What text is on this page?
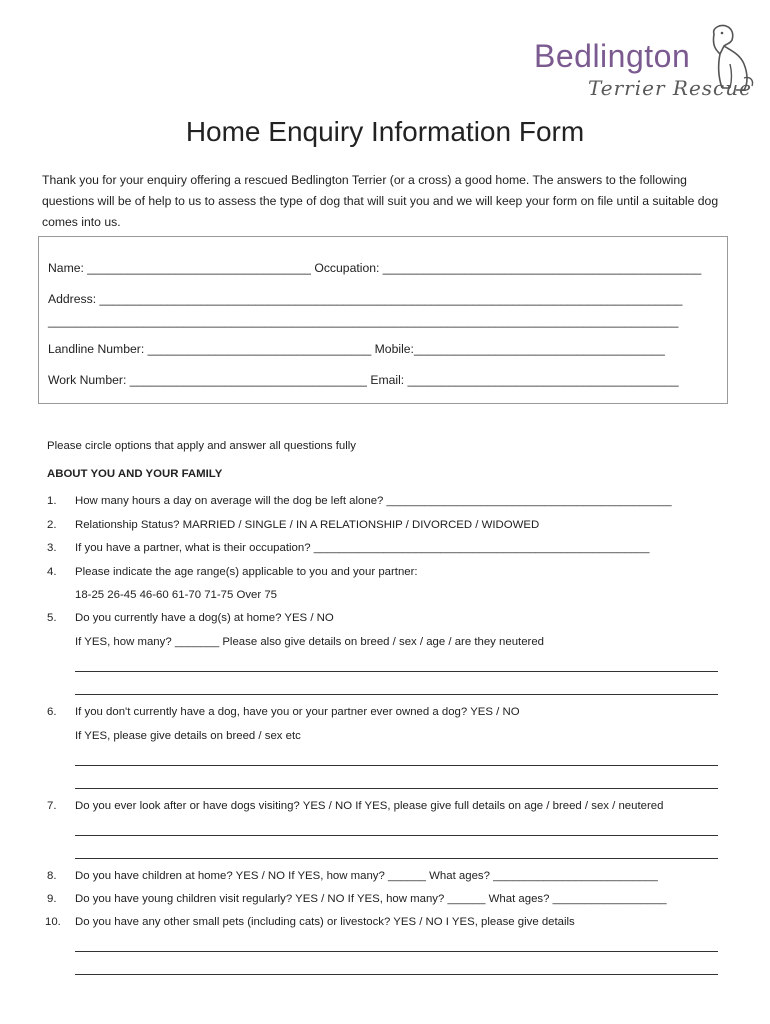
Bedlington
Terrier Rescue
Home Enquiry Information Form
Thank you for your enquiry offering a rescued Bedlington Terrier (or a cross) a good home. The answers to the following questions will be of help to us to assess the type of dog that will suit you and we will keep your form on file until a suitable dog comes into us.
Name: _________________________________ Occupation: _______________________________________________
Address: ______________________________________________________________________________________
_____________________________________________________________________________________________
Landline Number: _________________________________ Mobile:_____________________________________
Work Number: ___________________________________ Email: ________________________________________
Please circle options that apply and answer all questions fully
ABOUT YOU AND YOUR FAMILY
1. How many hours a day on average will the dog be left alone? _____________________________________________
2. Relationship Status? MARRIED / SINGLE / IN A RELATIONSHIP / DIVORCED / WIDOWED
3. If you have a partner, what is their occupation? _____________________________________________________
4. Please indicate the age range(s) applicable to you and your partner:
18-25 26-45 46-60 61-70 71-75 Over 75
5. Do you currently have a dog(s) at home? YES / NO
If YES, how many? _______ Please also give details on breed / sex / age / are they neutered
6. If you don't currently have a dog, have you or your partner ever owned a dog? YES / NO
If YES, please give details on breed / sex etc
7. Do you ever look after or have dogs visiting? YES / NO If YES, please give full details on age / breed / sex / neutered
8. Do you have children at home? YES / NO If YES, how many? ______ What ages? __________________________
9. Do you have young children visit regularly? YES / NO If YES, how many? ______ What ages? __________________
10. Do you have any other small pets (including cats) or livestock? YES / NO I YES, please give details
